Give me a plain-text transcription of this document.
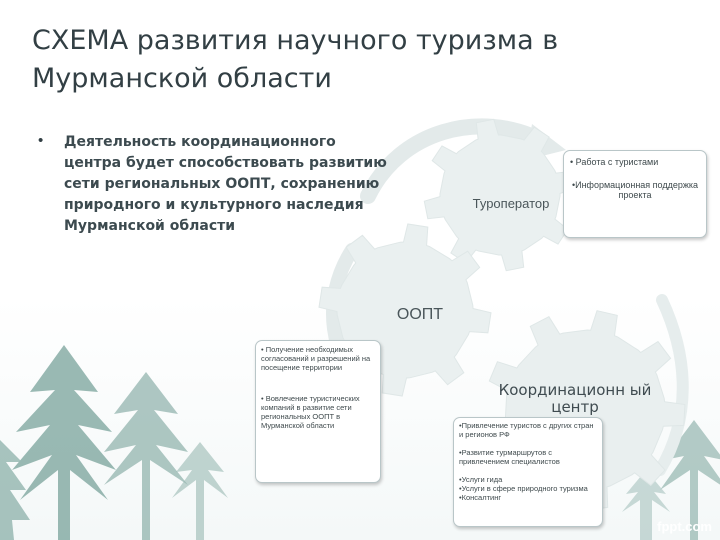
СХЕМА развития научного туризма в Мурманской области
• Деятельность координационного центра будет способствовать развитию сети региональных ООПТ, сохранению природного и культурного наследия Мурманской области

Туроператор
ООПТ
Координационн ый центр
• Работа с туристами
•Информационная поддержка проекта
• Получение необходимых согласований и разрешений на посещение территории
• Вовлечение туристических компаний в развитие сети региональных ООПТ в Мурманской области	•Привлечение туристов с других стран и регионов РФ
•Развитие турмаршрутов с привлечением специалистов
•Услуги гида
•Услуги в сфере природного туризма
•Консалтинг
fppt.com
